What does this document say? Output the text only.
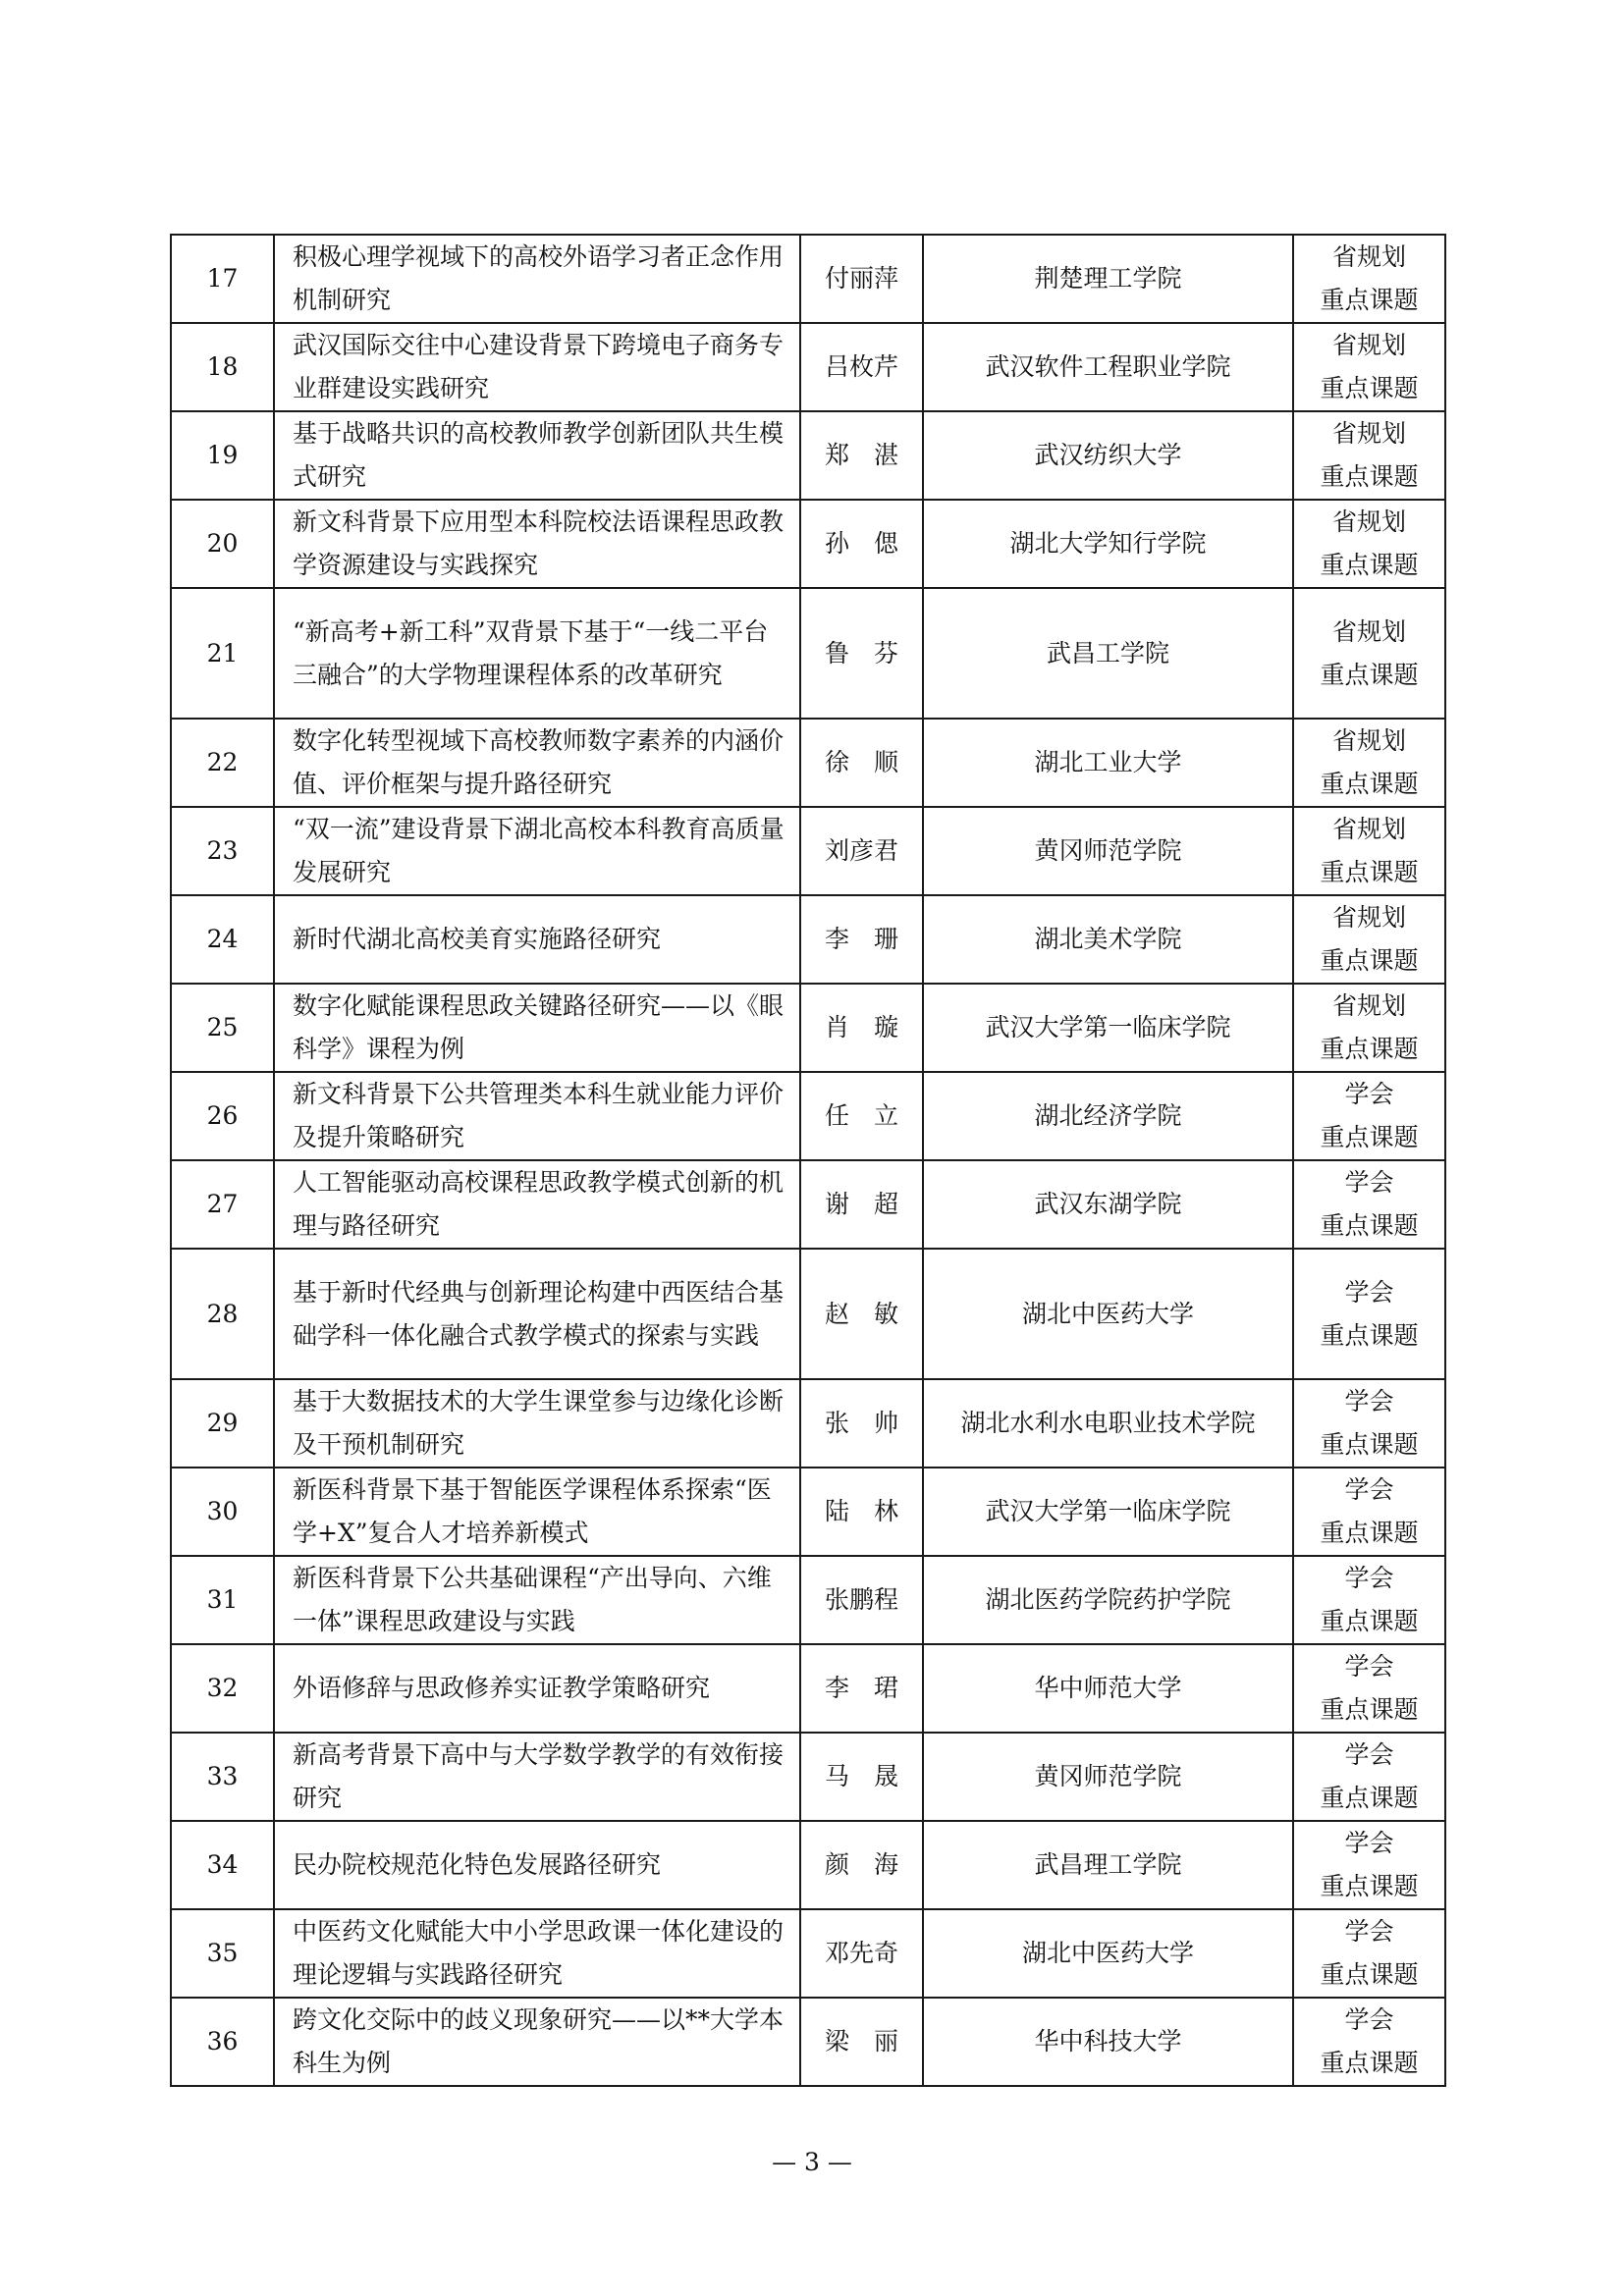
17	积极心理学视域下的高校外语学习者正念作用机制研究	付丽萍	荆楚理工学院	省规划
重点课题

18	武汉国际交往中心建设背景下跨境电子商务专业群建设实践研究	吕枚芹	武汉软件工程职业学院	省规划
重点课题

19	基于战略共识的高校教师教学创新团队共生模式研究	郑　湛	武汉纺织大学	省规划
重点课题

20	新文科背景下应用型本科院校法语课程思政教学资源建设与实践探究	孙　偲	湖北大学知行学院	省规划
重点课题

21	“新高考+新工科”双背景下基于“一线二平台三融合”的大学物理课程体系的改革研究	鲁　芬	武昌工学院	省规划
重点课题

22	数字化转型视域下高校教师数字素养的内涵价值、评价框架与提升路径研究	徐　顺	湖北工业大学	省规划
重点课题

23	“双一流”建设背景下湖北高校本科教育高质量发展研究	刘彦君	黄冈师范学院	省规划
重点课题

24	新时代湖北高校美育实施路径研究	李　珊	湖北美术学院	省规划
重点课题

25	数字化赋能课程思政关键路径研究——以《眼科学》课程为例	肖　璇	武汉大学第一临床学院	省规划
重点课题

26	新文科背景下公共管理类本科生就业能力评价及提升策略研究	任　立	湖北经济学院	学会
重点课题

27	人工智能驱动高校课程思政教学模式创新的机理与路径研究	谢　超	武汉东湖学院	学会
重点课题

28	基于新时代经典与创新理论构建中西医结合基础学科一体化融合式教学模式的探索与实践	赵　敏	湖北中医药大学	学会
重点课题

29	基于大数据技术的大学生课堂参与边缘化诊断及干预机制研究	张　帅	湖北水利水电职业技术学院	学会
重点课题

30	新医科背景下基于智能医学课程体系探索“医学+X”复合人才培养新模式	陆　林	武汉大学第一临床学院	学会
重点课题

31	新医科背景下公共基础课程“产出导向、六维一体”课程思政建设与实践	张鹏程	湖北医药学院药护学院	学会
重点课题

32	外语修辞与思政修养实证教学策略研究	李　珺	华中师范大学	学会
重点课题

33	新高考背景下高中与大学数学教学的有效衔接研究	马　晟	黄冈师范学院	学会
重点课题

34	民办院校规范化特色发展路径研究	颜　海	武昌理工学院	学会
重点课题

35	中医药文化赋能大中小学思政课一体化建设的理论逻辑与实践路径研究	邓先奇	湖北中医药大学	学会
重点课题

36	跨文化交际中的歧义现象研究——以**大学本科生为例	梁　丽	华中科技大学	学会
重点课题
— 3 —
